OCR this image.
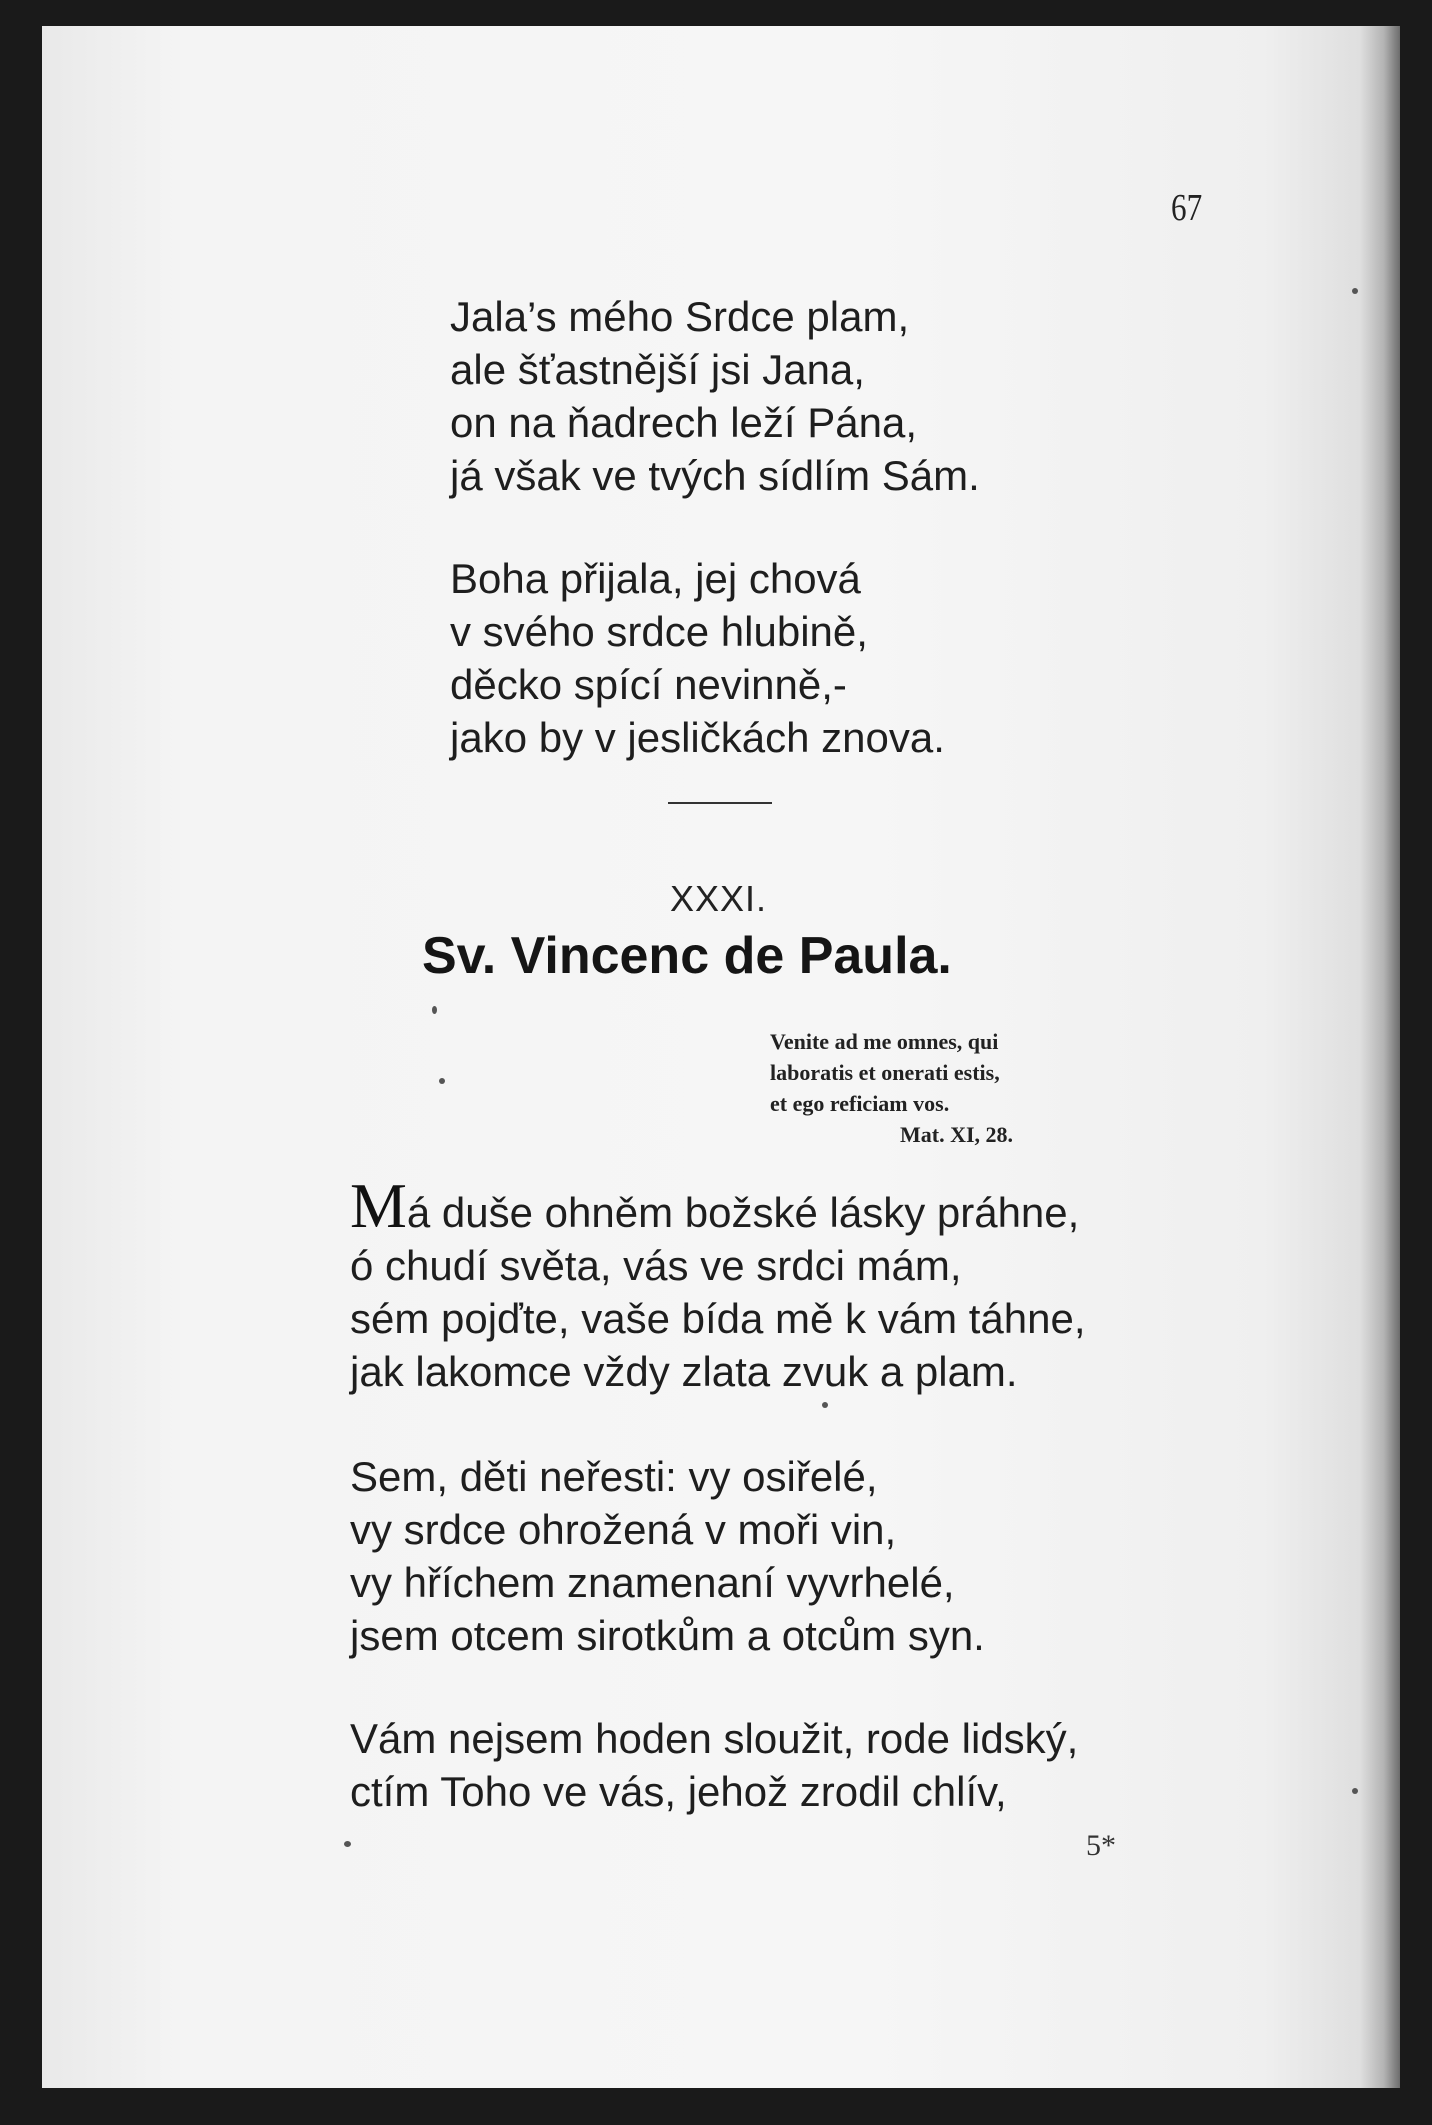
67
Jala’s mého Srdce plam,
ale šťastnější jsi Jana,
on na ňadrech leží Pána,
já však ve tvých sídlím Sám.
Boha přijala, jej chová
v svého srdce hlubině,
děcko spící nevinně,-
jako by v jesličkách znova.
XXXI.
Sv. Vincenc de Paula.
Venite ad me omnes, qui
laboratis et onerati estis,
et ego reficiam vos.
Mat. XI, 28.
Má duše ohněm božské lásky práhne,
ó chudí světa, vás ve srdci mám,
sém pojďte, vaše bída mě k vám táhne,
jak lakomce vždy zlata zvuk a plam.
Sem, děti neřesti: vy osiřelé,
vy srdce ohrožená v moři vin,
vy hříchem znamenaní vyvrhelé,
jsem otcem sirotkům a otcům syn.
Vám nejsem hoden sloužit, rode lidský,
ctím Toho ve vás, jehož zrodil chlív,
5*
